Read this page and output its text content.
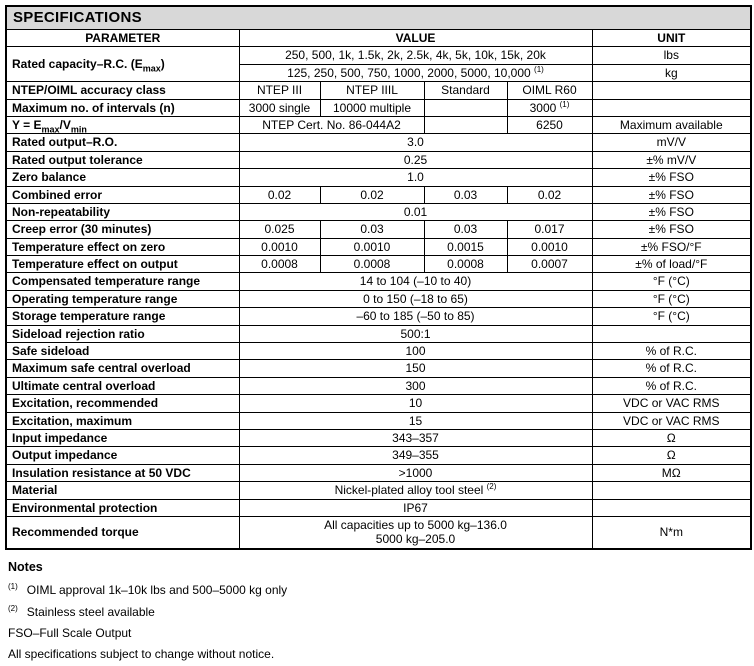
SPECIFICATIONS					
PARAMETER	VALUE				UNIT
Rated capacity–R.C. $(E_{max})$	250, 500, 1k, 1.5k, 2k, 2.5k, 4k, 5k, 10k, 15k, 20k				lbs
	125, 250, 500, 750, 1000, 2000, 5000, 10,000 $^{(1)}$				kg
NTEP/OIML accuracy class	NTEP III	NTEP IIIL	Standard	OIML R60	
Maximum no. of intervals (n)	3000 single	10000 multiple		3000 $^{(1)}$	
$Y = E_{max}/V_{min}$	NTEP Cert. No. 86-044A2			6250	Maximum available
Rated output–R.O.	3.0				mV/V
Rated output tolerance	0.25				±% mV/V
Zero balance	1.0				±% FSO
Combined error	0.02	0.02	0.03	0.02	±% FSO
Non-repeatability	0.01				±% FSO
Creep error (30 minutes)	0.025	0.03	0.03	0.017	±% FSO
Temperature effect on zero	0.0010	0.0010	0.0015	0.0010	±% FSO/°F
Temperature effect on output	0.0008	0.0008	0.0008	0.0007	±% of load/°F
Compensated temperature range	14 to 104 (–10 to 40)				°F (°C)
Operating temperature range	0 to 150 (–18 to 65)				°F (°C)
Storage temperature range	–60 to 185 (–50 to 85)				°F (°C)
Sideload rejection ratio	500:1				
Safe sideload	100				% of R.C.
Maximum safe central overload	150				% of R.C.
Ultimate central overload	300				% of R.C.
Excitation, recommended	10				VDC or VAC RMS
Excitation, maximum	15				VDC or VAC RMS
Input impedance	343–357				Ω
Output impedance	349–355				Ω
Insulation resistance at 50 VDC	>1000				MΩ
Material	Nickel-plated alloy tool steel $^{(2)}$	
Environmental protection	IP67				
Recommended torque	All capacities up to 5000 kg–136.0
5000 kg–205.0				N*m
Notes
$^{(1)}$ OIML approval 1k–10k lbs and 500–5000 kg only
$^{(2)}$ Stainless steel available
FSO–Full Scale Output
All specifications subject to change without notice.
